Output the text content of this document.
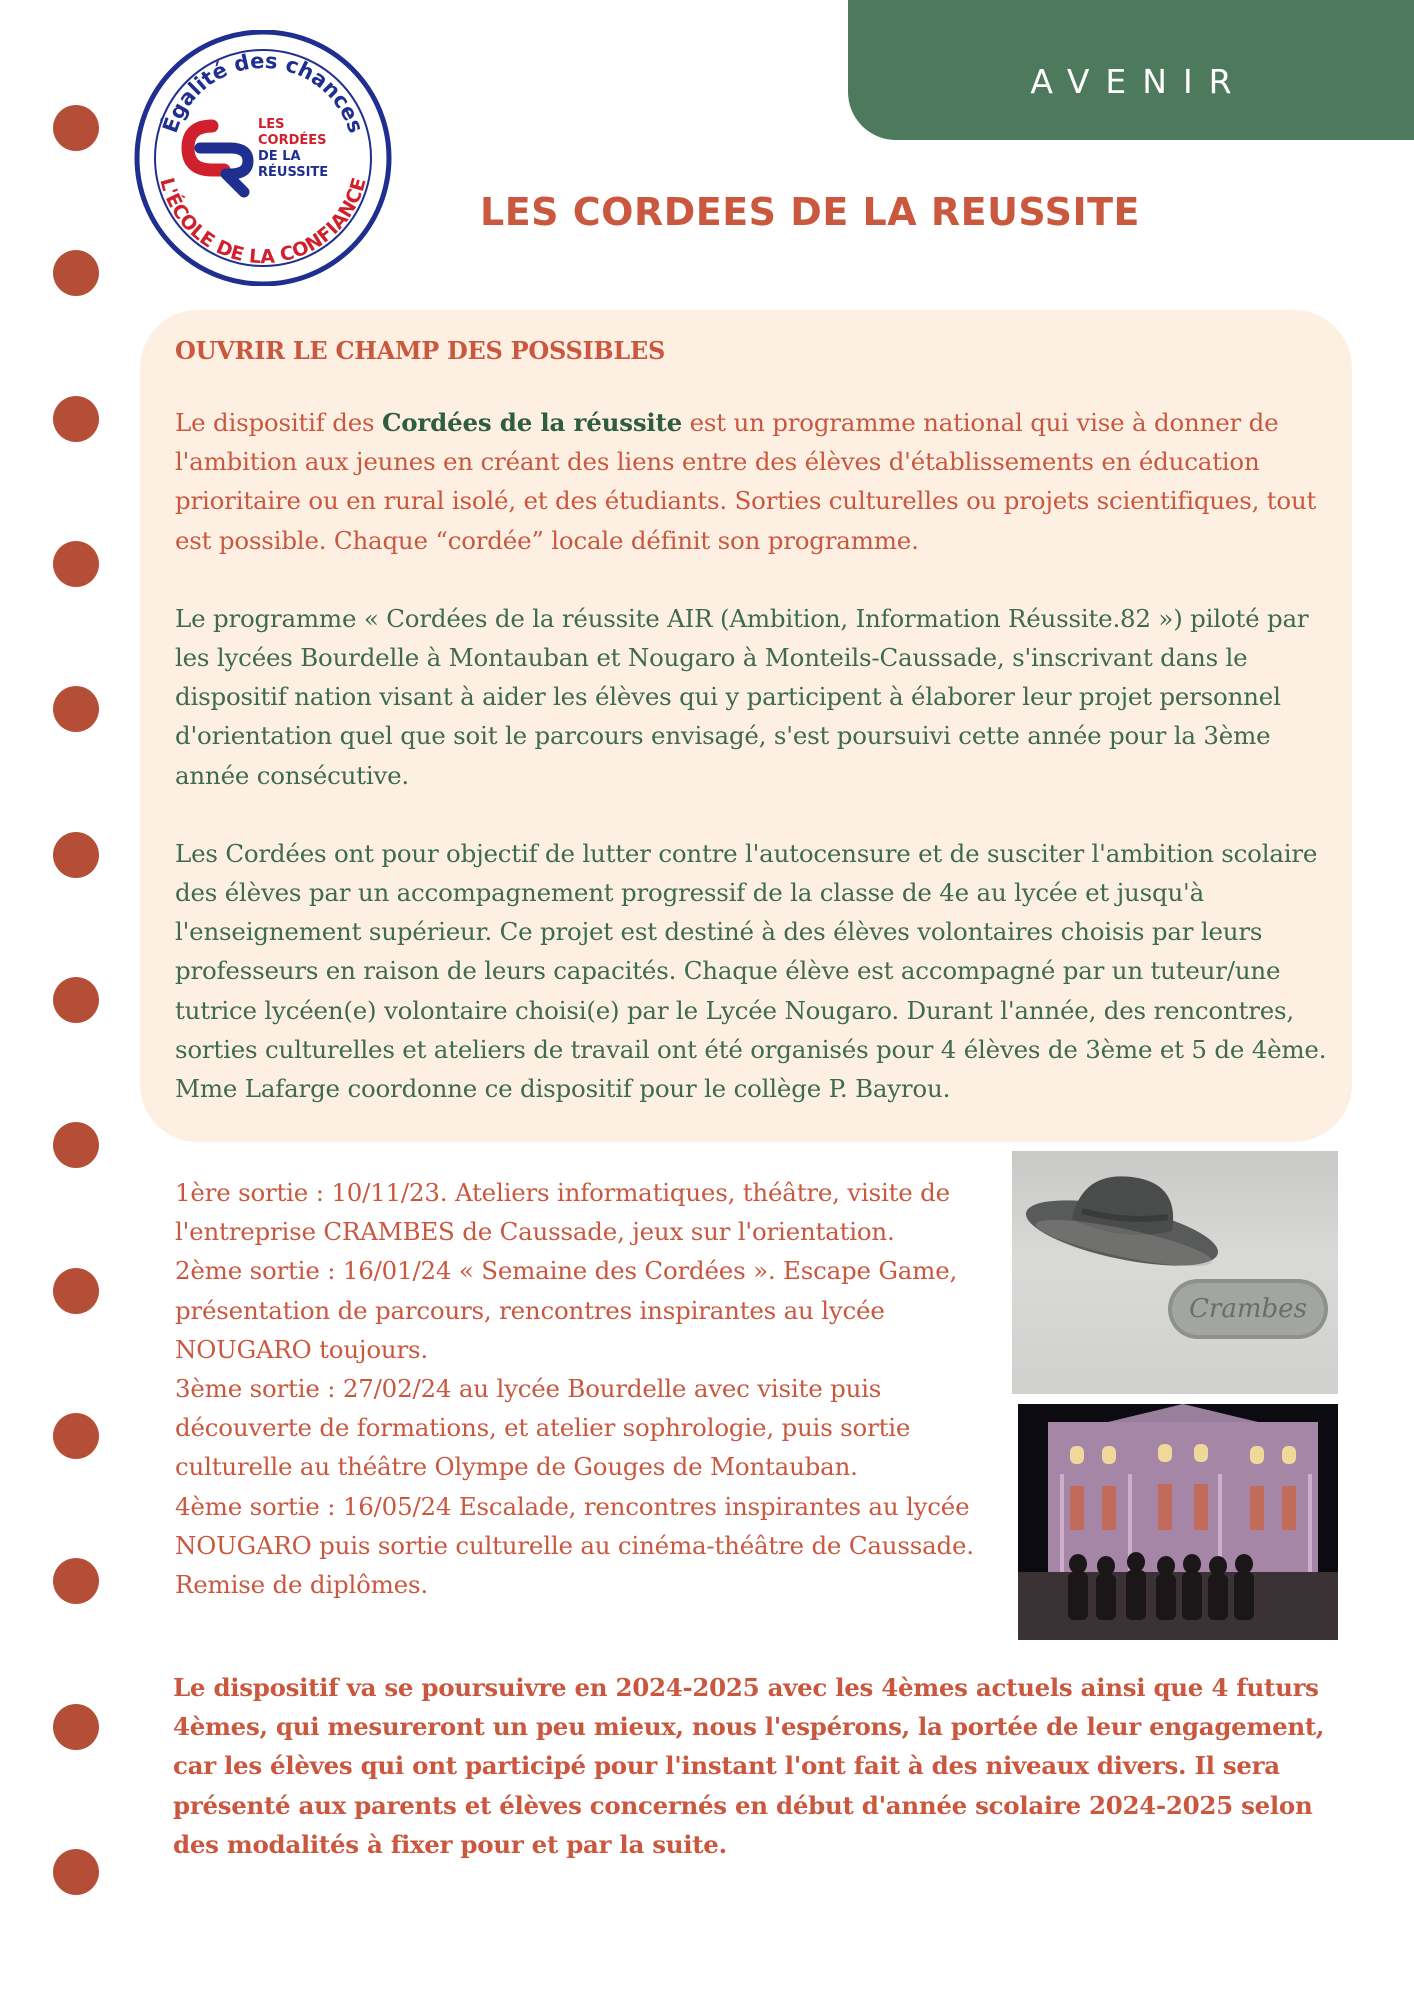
AVENIR
Égalité des chances
L'ÉCOLE DE LA CONFIANCE
LES
CORDÉES
DE LA
RÉUSSITE
LES CORDEES DE LA REUSSITE
OUVRIR LE CHAMP DES POSSIBLES

Le dispositif des Cordées de la réussite est un programme national qui vise à donner de l'ambition aux jeunes en créant des liens entre des élèves d'établissements en éducation prioritaire ou en rural isolé, et des étudiants. Sorties culturelles ou projets scientifiques, tout est possible. Chaque “cordée” locale définit son programme.

Le programme « Cordées de la réussite AIR (Ambition, Information Réussite.82 ») piloté par les lycées Bourdelle à Montauban et Nougaro à Monteils-Caussade, s'inscrivant dans le dispositif nation visant à aider les élèves qui y participent à élaborer leur projet personnel d'orientation quel que soit le parcours envisagé, s'est poursuivi cette année pour la 3ème année consécutive.

Les Cordées ont pour objectif de lutter contre l'autocensure et de susciter l'ambition scolaire des élèves par un accompagnement progressif de la classe de 4e au lycée et jusqu'à l'enseignement supérieur. Ce projet est destiné à des élèves volontaires choisis par leurs professeurs en raison de leurs capacités. Chaque élève est accompagné par un tuteur/une tutrice lycéen(e) volontaire choisi(e) par le Lycée Nougaro. Durant l'année, des rencontres, sorties culturelles et ateliers de travail ont été organisés pour 4 élèves de 3ème et 5 de 4ème. Mme Lafarge coordonne ce dispositif pour le collège P. Bayrou.

1ère sortie : 10/11/23. Ateliers informatiques, théâtre, visite de l'entreprise CRAMBES de Caussade, jeux sur l'orientation.
2ème sortie : 16/01/24 « Semaine des Cordées ». Escape Game, présentation de parcours, rencontres inspirantes au lycée NOUGARO toujours.
3ème sortie : 27/02/24 au lycée Bourdelle avec visite puis découverte de formations, et atelier sophrologie, puis sortie culturelle au théâtre Olympe de Gouges de Montauban.
4ème sortie : 16/05/24 Escalade, rencontres inspirantes au lycée NOUGARO puis sortie culturelle au cinéma-théâtre de Caussade.
Remise de diplômes.
Crambes
Le dispositif va se poursuivre en 2024-2025 avec les 4èmes actuels ainsi que 4 futurs 4èmes, qui mesureront un peu mieux, nous l'espérons, la portée de leur engagement, car les élèves qui ont participé pour l'instant l'ont fait à des niveaux divers. Il sera présenté aux parents et élèves concernés en début d'année scolaire 2024-2025 selon des modalités à fixer pour et par la suite.
